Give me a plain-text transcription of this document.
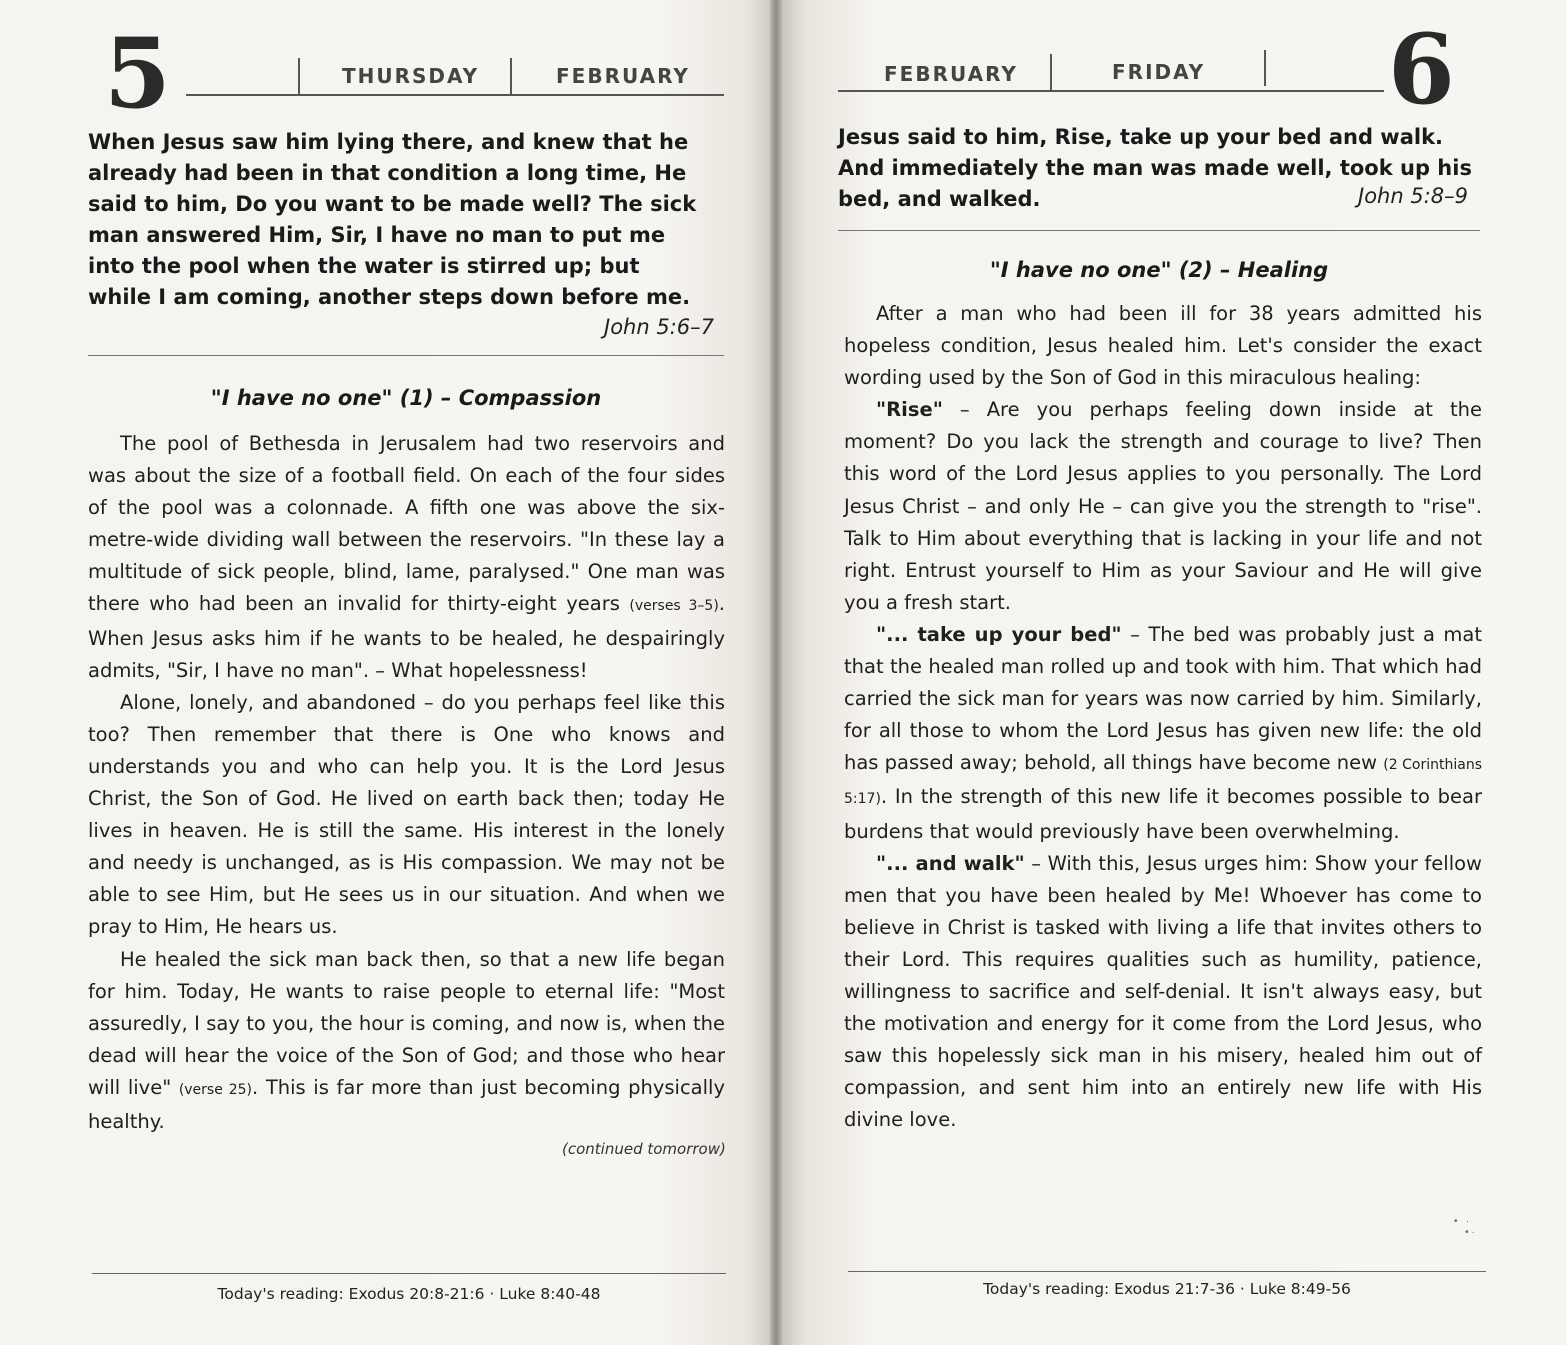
5	THURSDAY	FEBRUARY
When Jesus saw him lying there, and knew that he already had been in that condition a long time, He said to him, Do you want to be made well? The sick man answered Him, Sir, I have no man to put me into the pool when the water is stirred up; but while I am coming, another steps down before me.
John 5:6–7
"I have no one" (1) – Compassion

The pool of Bethesda in Jerusalem had two reservoirs and was about the size of a football field. On each of the four sides of the pool was a colonnade. A fifth one was above the six-metre-wide dividing wall between the reservoirs. "In these lay a multitude of sick people, blind, lame, paralysed." One man was there who had been an invalid for thirty-eight years (verses 3–5). When Jesus asks him if he wants to be healed, he despairingly admits, "Sir, I have no man". – What hopelessness!

Alone, lonely, and abandoned – do you perhaps feel like this too? Then remember that there is One who knows and understands you and who can help you. It is the Lord Jesus Christ, the Son of God. He lived on earth back then; today He lives in heaven. He is still the same. His interest in the lonely and needy is unchanged, as is His compassion. We may not be able to see Him, but He sees us in our situation. And when we pray to Him, He hears us.

He healed the sick man back then, so that a new life began for him. Today, He wants to raise people to eternal life: "Most assuredly, I say to you, the hour is coming, and now is, when the dead will hear the voice of the Son of God; and those who hear will live" (verse 25). This is far more than just becoming physically healthy.

(continued tomorrow)
Today's reading: Exodus 20:8-21:6 · Luke 8:40-48
FEBRUARY	FRIDAY 6
Jesus said to him, Rise, take up your bed and walk. And immediately the man was made well, took up his bed, and walked.	John 5:8–9
"I have no one" (2) – Healing

After a man who had been ill for 38 years admitted his hopeless condition, Jesus healed him. Let's consider the exact wording used by the Son of God in this miraculous healing:

"Rise" – Are you perhaps feeling down inside at the moment? Do you lack the strength and courage to live? Then this word of the Lord Jesus applies to you personally. The Lord Jesus Christ – and only He – can give you the strength to "rise". Talk to Him about everything that is lacking in your life and not right. Entrust yourself to Him as your Saviour and He will give you a fresh start.

"... take up your bed" – The bed was probably just a mat that the healed man rolled up and took with him. That which had carried the sick man for years was now carried by him. Similarly, for all those to whom the Lord Jesus has given new life: the old has passed away; behold, all things have become new (2 Corinthians 5:17). In the strength of this new life it becomes possible to bear burdens that would previously have been overwhelming.

"... and walk" – With this, Jesus urges him: Show your fellow men that you have been healed by Me! Whoever has come to believe in Christ is tasked with living a life that invites others to their Lord. This requires qualities such as humility, patience, willingness to sacrifice and self-denial. It isn't always easy, but the motivation and energy for it come from the Lord Jesus, who saw this hopelessly sick man in his misery, healed him out of compassion, and sent him into an entirely new life with His divine love.

•   ·
• ·
Today's reading: Exodus 21:7-36 · Luke 8:49-56
